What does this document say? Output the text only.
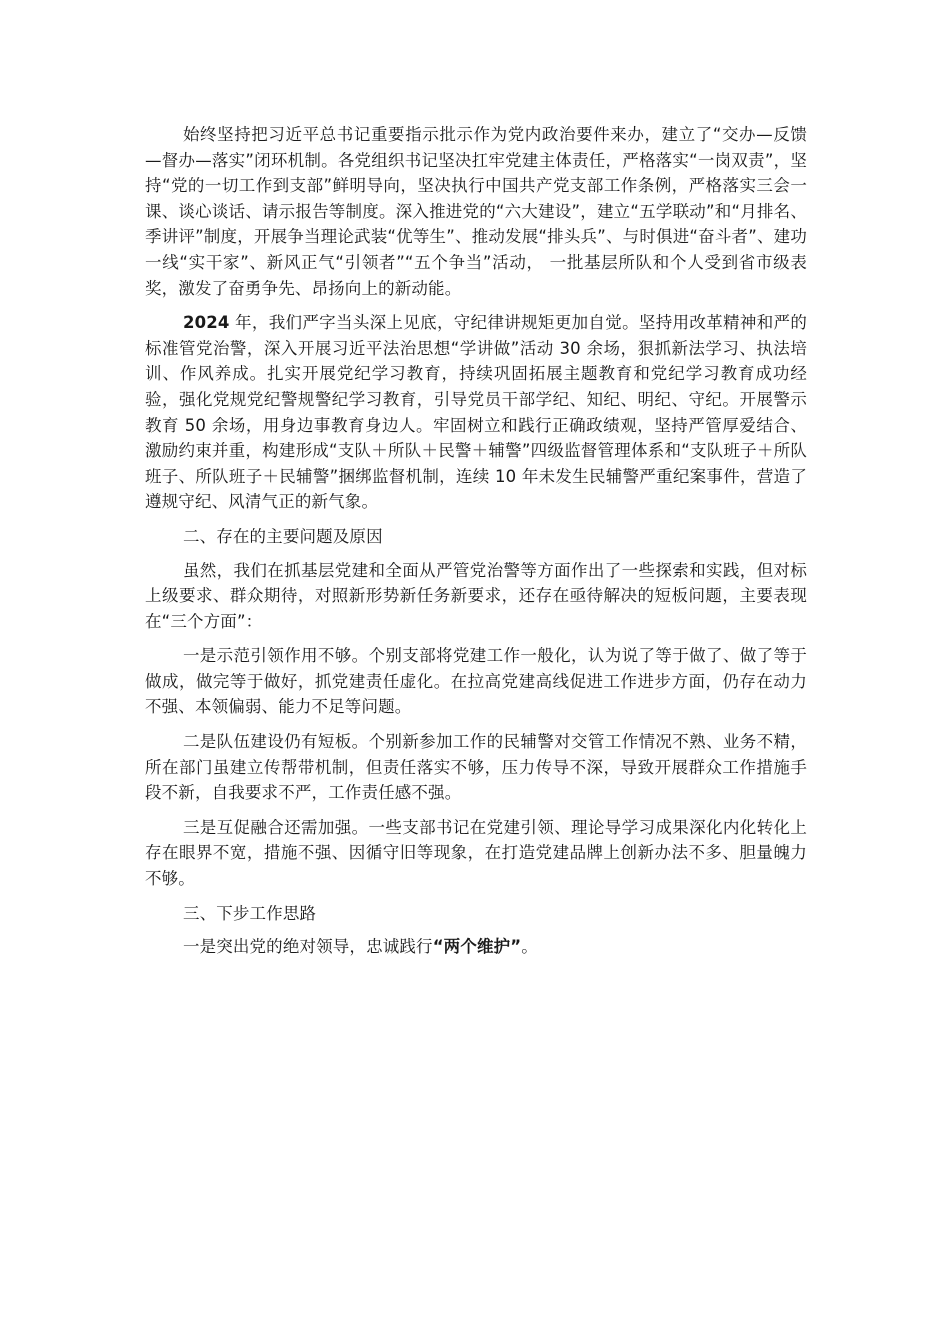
始终坚持把习近平总书记重要指示批示作为党内政治要件来办，建立了“交办—反馈—督办—落实”闭环机制。各党组织书记坚决扛牢党建主体责任，严格落实“一岗双责”，坚持“党的一切工作到支部”鲜明导向，坚决执行中国共产党支部工作条例，严格落实三会一课、谈心谈话、请示报告等制度。深入推进党的“六大建设”，建立“五学联动”和“月排名、季讲评”制度，开展争当理论武装“优等生”、推动发展“排头兵”、与时俱进“奋斗者”、建功一线“实干家”、新风正气“引领者”“五个争当”活动， 一批基层所队和个人受到省市级表奖，激发了奋勇争先、昂扬向上的新动能。

2024 年，我们严字当头深上见底，守纪律讲规矩更加自觉。坚持用改革精神和严的标准管党治警，深入开展习近平法治思想“学讲做”活动 30 余场，狠抓新法学习、执法培训、作风养成。扎实开展党纪学习教育，持续巩固拓展主题教育和党纪学习教育成功经验，强化党规党纪警规警纪学习教育，引导党员干部学纪、知纪、明纪、守纪。开展警示教育 50 余场，用身边事教育身边人。牢固树立和践行正确政绩观，坚持严管厚爱结合、激励约束并重，构建形成“支队＋所队＋民警＋辅警”四级监督管理体系和“支队班子＋所队班子、所队班子＋民辅警”捆绑监督机制，连续 10 年未发生民辅警严重纪案事件，营造了遵规守纪、风清气正的新气象。

二、存在的主要问题及原因

虽然，我们在抓基层党建和全面从严管党治警等方面作出了一些探索和实践，但对标上级要求、群众期待，对照新形势新任务新要求，还存在亟待解决的短板问题，主要表现在“三个方面”：

一是示范引领作用不够。个别支部将党建工作一般化，认为说了等于做了、做了等于做成，做完等于做好，抓党建责任虚化。在拉高党建高线促进工作进步方面，仍存在动力不强、本领偏弱、能力不足等问题。

二是队伍建设仍有短板。个别新参加工作的民辅警对交管工作情况不熟、业务不精，所在部门虽建立传帮带机制，但责任落实不够，压力传导不深，导致开展群众工作措施手段不新，自我要求不严，工作责任感不强。

三是互促融合还需加强。一些支部书记在党建引领、理论导学习成果深化内化转化上存在眼界不宽，措施不强、因循守旧等现象，在打造党建品牌上创新办法不多、胆量魄力不够。

三、下步工作思路

一是突出党的绝对领导，忠诚践行“两个维护”。
